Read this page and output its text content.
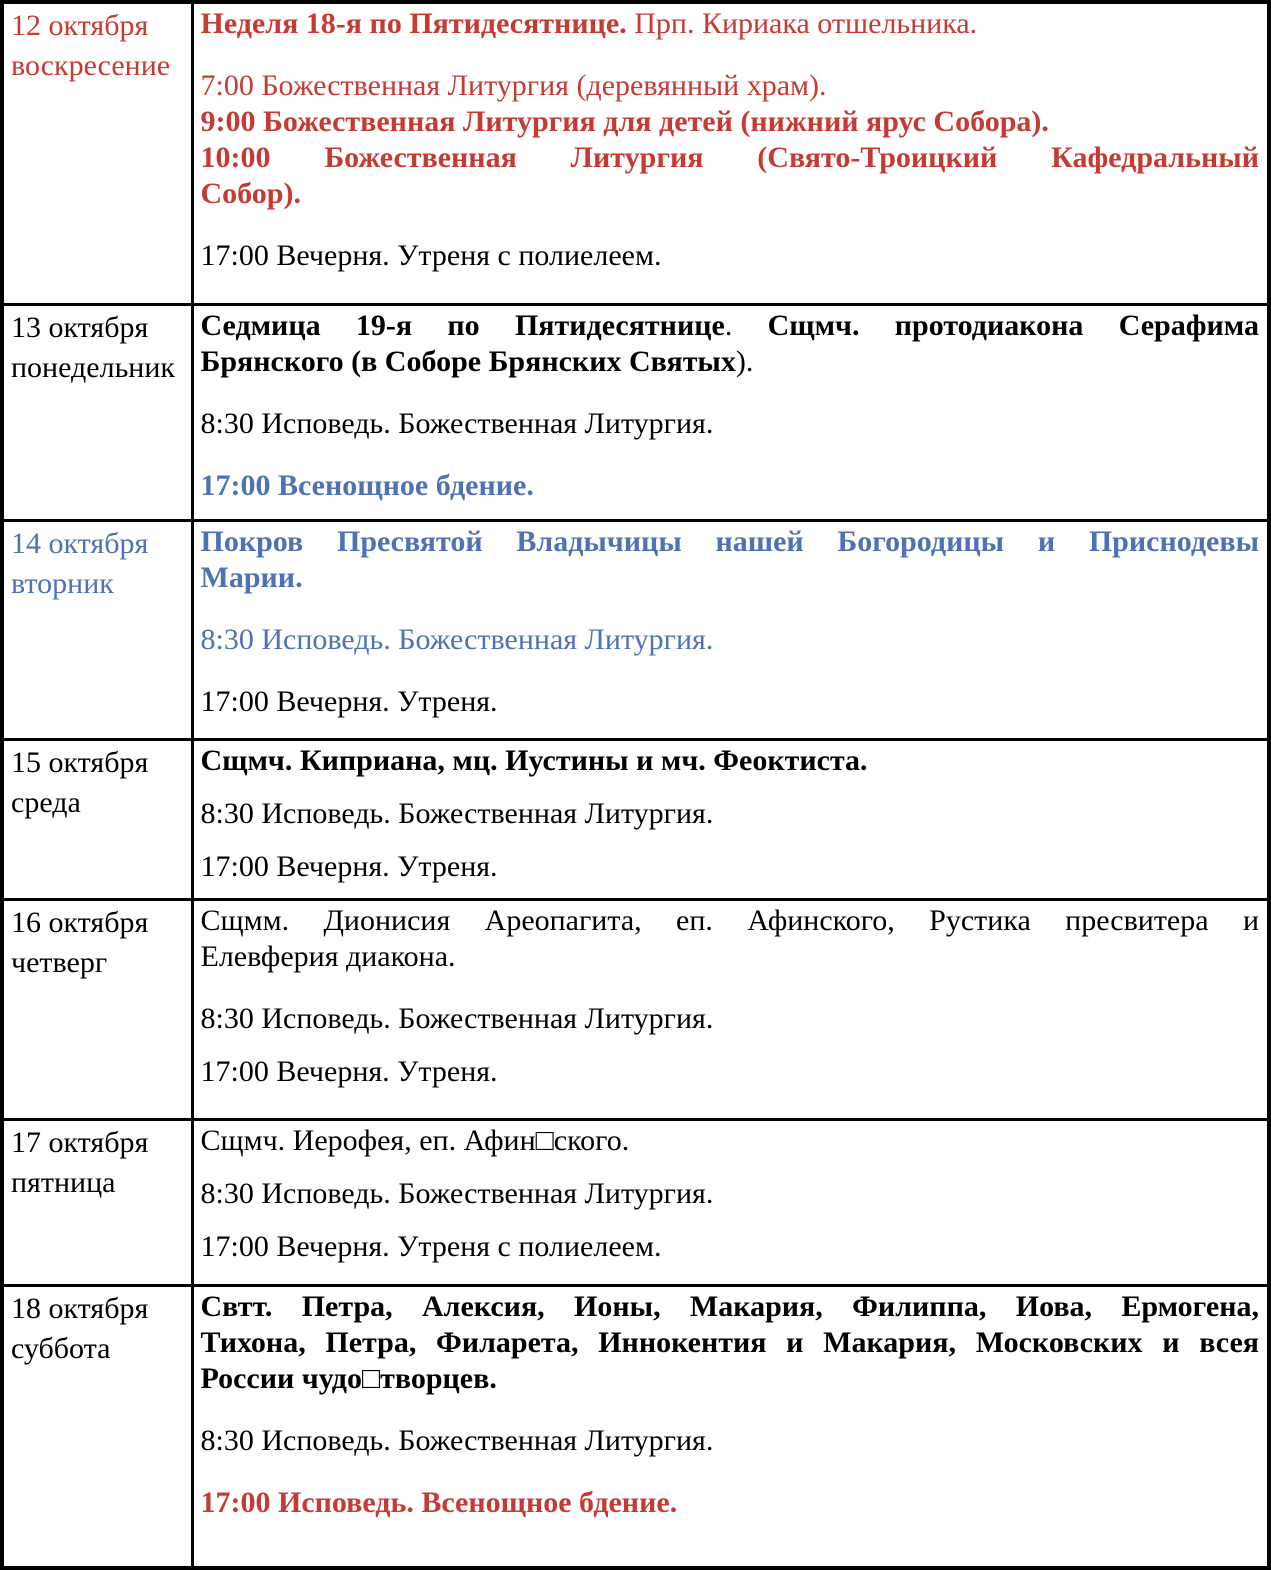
12 октября
воскресение

Неделя 18-я по Пятидесятнице. Прп. Кириака отшельника.
7:00 Божественная Литургия (деревянный храм).
9:00 Божественная Литургия для детей (нижний ярус Собора).
10:00 Божественная Литургия (Свято-Троицкий Кафедральный
Собор).
17:00 Вечерня. Утреня с полиелеем.

13 октября
понедельник

Седмица 19-я по Пятидесятнице. Сщмч. протодиакона Серафима
Брянского (в Соборе Брянских Святых).
8:30 Исповедь. Божественная Литургия.
17:00 Всенощное бдение.

14 октября
вторник

Покров Пресвятой Владычицы нашей Богородицы и Приснодевы
Марии.
8:30 Исповедь. Божественная Литургия.
17:00 Вечерня. Утреня.

15 октября
среда

Сщмч. Киприана, мц. Иустины и мч. Феоктиста.
8:30 Исповедь. Божественная Литургия.
17:00 Вечерня. Утреня.

16 октября
четверг

Сщмм. Дионисия Ареопагита, еп. Афинского, Рустика пресвитера и
Елевферия диакона.
8:30 Исповедь. Божественная Литургия.
17:00 Вечерня. Утреня.

17 октября
пятница

Сщмч. Иерофея, еп. Афин□ского.
8:30 Исповедь. Божественная Литургия.
17:00 Вечерня. Утреня с полиелеем.

18 октября
суббота

Свтт. Петра, Алексия, Ионы, Макария, Филиппа, Иова, Ермогена,
Тихона, Петра, Филарета, Иннокентия и Макария, Московских и всея
России чудо□творцев.
8:30 Исповедь. Божественная Литургия.
17:00 Исповедь. Всенощное бдение.
